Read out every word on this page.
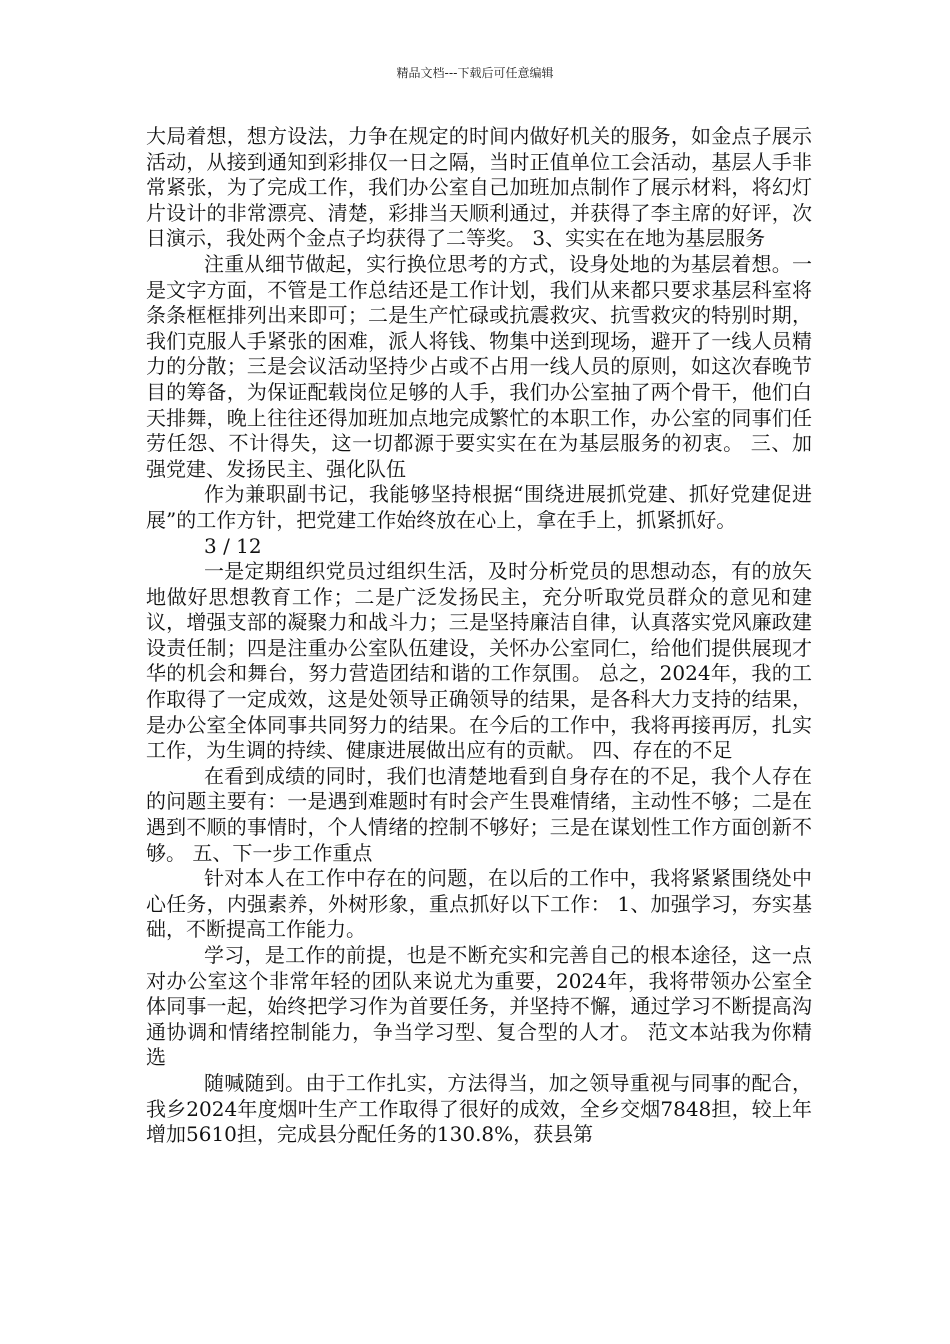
精品文档---下载后可任意编辑

大局着想，想方设法，力争在规定的时间内做好机关的服务，如金点子展示活动，从接到通知到彩排仅一日之隔，当时正值单位工会活动，基层人手非常紧张，为了完成工作，我们办公室自己加班加点制作了展示材料，将幻灯片设计的非常漂亮、清楚，彩排当天顺利通过，并获得了李主席的好评，次日演示，我处两个金点子均获得了二等奖。 3、实实在在地为基层服务

注重从细节做起，实行换位思考的方式，设身处地的为基层着想。一是文字方面，不管是工作总结还是工作计划，我们从来都只要求基层科室将条条框框排列出来即可；二是生产忙碌或抗震救灾、抗雪救灾的特别时期，我们克服人手紧张的困难，派人将钱、物集中送到现场，避开了一线人员精力的分散；三是会议活动坚持少占或不占用一线人员的原则，如这次春晚节目的筹备，为保证配载岗位足够的人手，我们办公室抽了两个骨干，他们白天排舞，晚上往往还得加班加点地完成繁忙的本职工作，办公室的同事们任劳任怨、不计得失，这一切都源于要实实在在为基层服务的初衷。 三、加强党建、发扬民主、强化队伍

作为兼职副书记，我能够坚持根据“围绕进展抓党建、抓好党建促进展”的工作方针，把党建工作始终放在心上，拿在手上，抓紧抓好。

3 / 12

一是定期组织党员过组织生活，及时分析党员的思想动态，有的放矢地做好思想教育工作；二是广泛发扬民主，充分听取党员群众的意见和建议，增强支部的凝聚力和战斗力；三是坚持廉洁自律，认真落实党风廉政建设责任制；四是注重办公室队伍建设，关怀办公室同仁，给他们提供展现才华的机会和舞台，努力营造团结和谐的工作氛围。 总之，2024年，我的工作取得了一定成效，这是处领导正确领导的结果，是各科大力支持的结果，是办公室全体同事共同努力的结果。在今后的工作中，我将再接再厉，扎实工作，为生调的持续、健康进展做出应有的贡献。 四、存在的不足

在看到成绩的同时，我们也清楚地看到自身存在的不足，我个人存在的问题主要有：一是遇到难题时有时会产生畏难情绪，主动性不够；二是在遇到不顺的事情时，个人情绪的控制不够好；三是在谋划性工作方面创新不够。 五、下一步工作重点

针对本人在工作中存在的问题，在以后的工作中，我将紧紧围绕处中心任务，内强素养，外树形象，重点抓好以下工作： 1、加强学习，夯实基础，不断提高工作能力。

学习，是工作的前提，也是不断充实和完善自己的根本途径，这一点对办公室这个非常年轻的团队来说尤为重要，2024年，我将带领办公室全体同事一起，始终把学习作为首要任务，并坚持不懈，通过学习不断提高沟通协调和情绪控制能力，争当学习型、复合型的人才。 范文本站我为你精选

随喊随到。由于工作扎实，方法得当，加之领导重视与同事的配合，我乡2024年度烟叶生产工作取得了很好的成效，全乡交烟7848担，较上年增加5610担，完成县分配任务的130.8%，获县第
